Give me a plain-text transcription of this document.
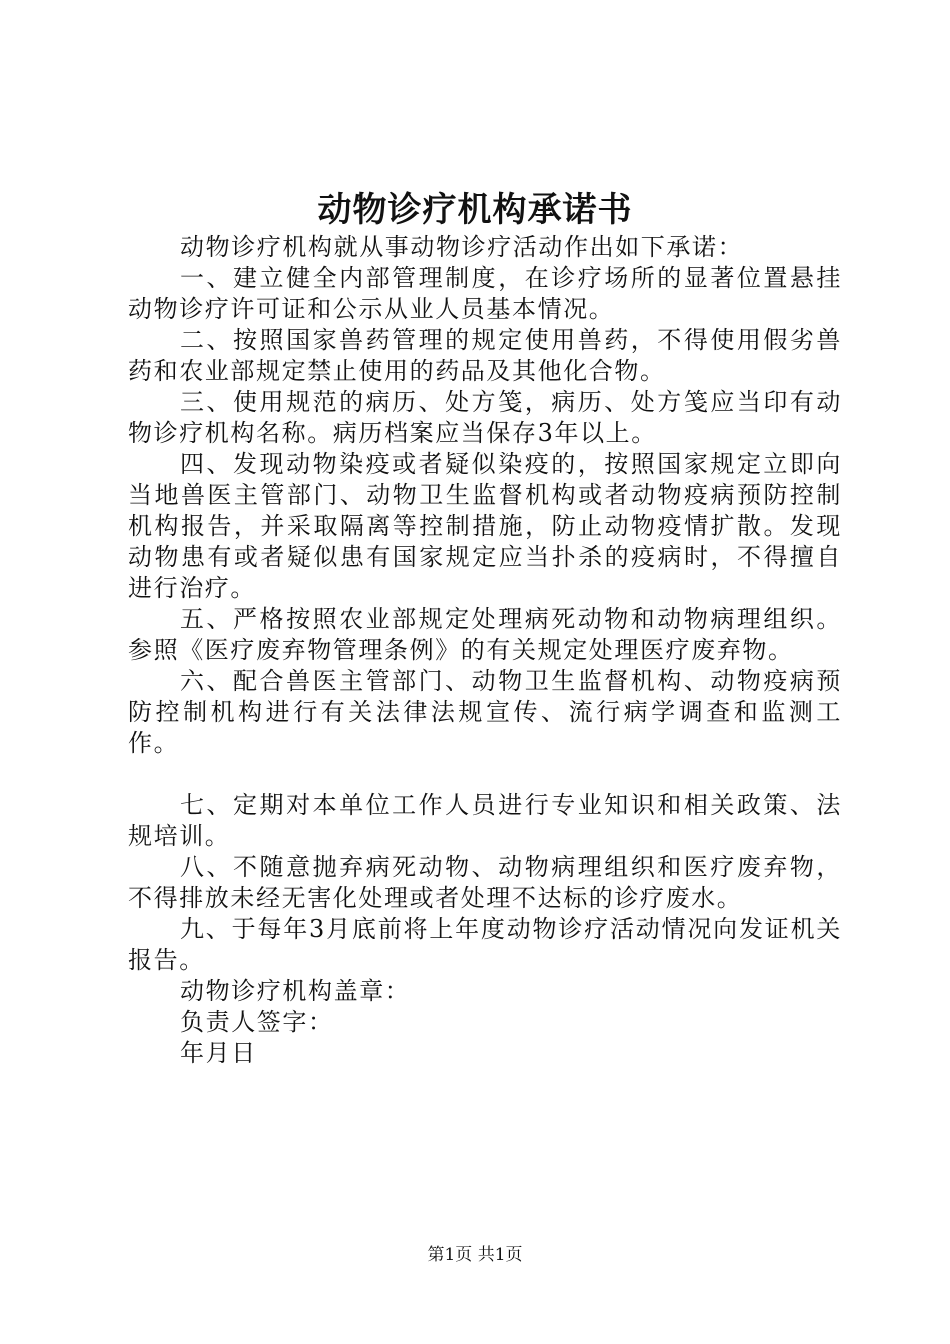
动物诊疗机构承诺书

动物诊疗机构就从事动物诊疗活动作出如下承诺：

一、建立健全内部管理制度，在诊疗场所的显著位置悬挂动物诊疗许可证和公示从业人员基本情况。

二、按照国家兽药管理的规定使用兽药，不得使用假劣兽药和农业部规定禁止使用的药品及其他化合物。

三、使用规范的病历、处方笺，病历、处方笺应当印有动物诊疗机构名称。病历档案应当保存3年以上。

四、发现动物染疫或者疑似染疫的，按照国家规定立即向当地兽医主管部门、动物卫生监督机构或者动物疫病预防控制机构报告，并采取隔离等控制措施，防止动物疫情扩散。发现动物患有或者疑似患有国家规定应当扑杀的疫病时，不得擅自进行治疗。

五、严格按照农业部规定处理病死动物和动物病理组织。参照《医疗废弃物管理条例》的有关规定处理医疗废弃物。

六、配合兽医主管部门、动物卫生监督机构、动物疫病预防控制机构进行有关法律法规宣传、流行病学调查和监测工作。

七、定期对本单位工作人员进行专业知识和相关政策、法规培训。

八、不随意抛弃病死动物、动物病理组织和医疗废弃物，不得排放未经无害化处理或者处理不达标的诊疗废水。

九、于每年3月底前将上年度动物诊疗活动情况向发证机关报告。

动物诊疗机构盖章：

负责人签字：

年月日

第1页 共1页
